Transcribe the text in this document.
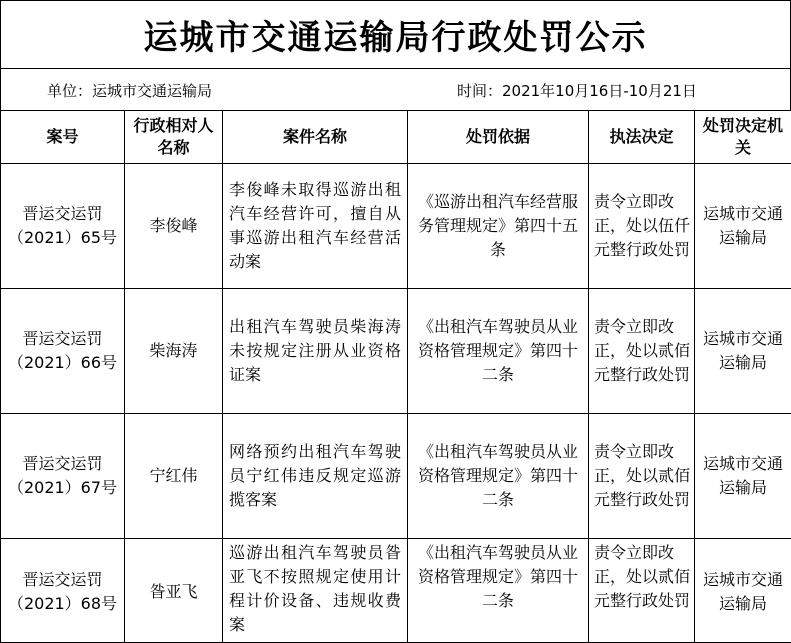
运城市交通运输局行政处罚公示
单位：运城市交通运输局	时间：2021年10月16日-10月21日
案号	行政相对人名称	案件名称	处罚依据	执法决定	处罚决定机关
晋运交运罚（2021）65号	李俊峰	李俊峰未取得巡游出租汽车经营许可，擅自从事巡游出租汽车经营活动案	《巡游出租汽车经营服务管理规定》第四十五条	责令立即改正，处以伍仟元整行政处罚	运城市交通运输局
晋运交运罚（2021）66号	柴海涛	出租汽车驾驶员柴海涛未按规定注册从业资格证案	《出租汽车驾驶员从业资格管理规定》第四十二条	责令立即改正，处以贰佰元整行政处罚	运城市交通运输局
晋运交运罚（2021）67号	宁红伟	网络预约出租汽车驾驶员宁红伟违反规定巡游揽客案	《出租汽车驾驶员从业资格管理规定》第四十二条	责令立即改正，处以贰佰元整行政处罚	运城市交通运输局
晋运交运罚（2021）68号	昝亚飞	巡游出租汽车驾驶员昝亚飞不按照规定使用计程计价设备、违规收费案	《出租汽车驾驶员从业资格管理规定》第四十二条	责令立即改正，处以贰佰元整行政处罚	运城市交通运输局
